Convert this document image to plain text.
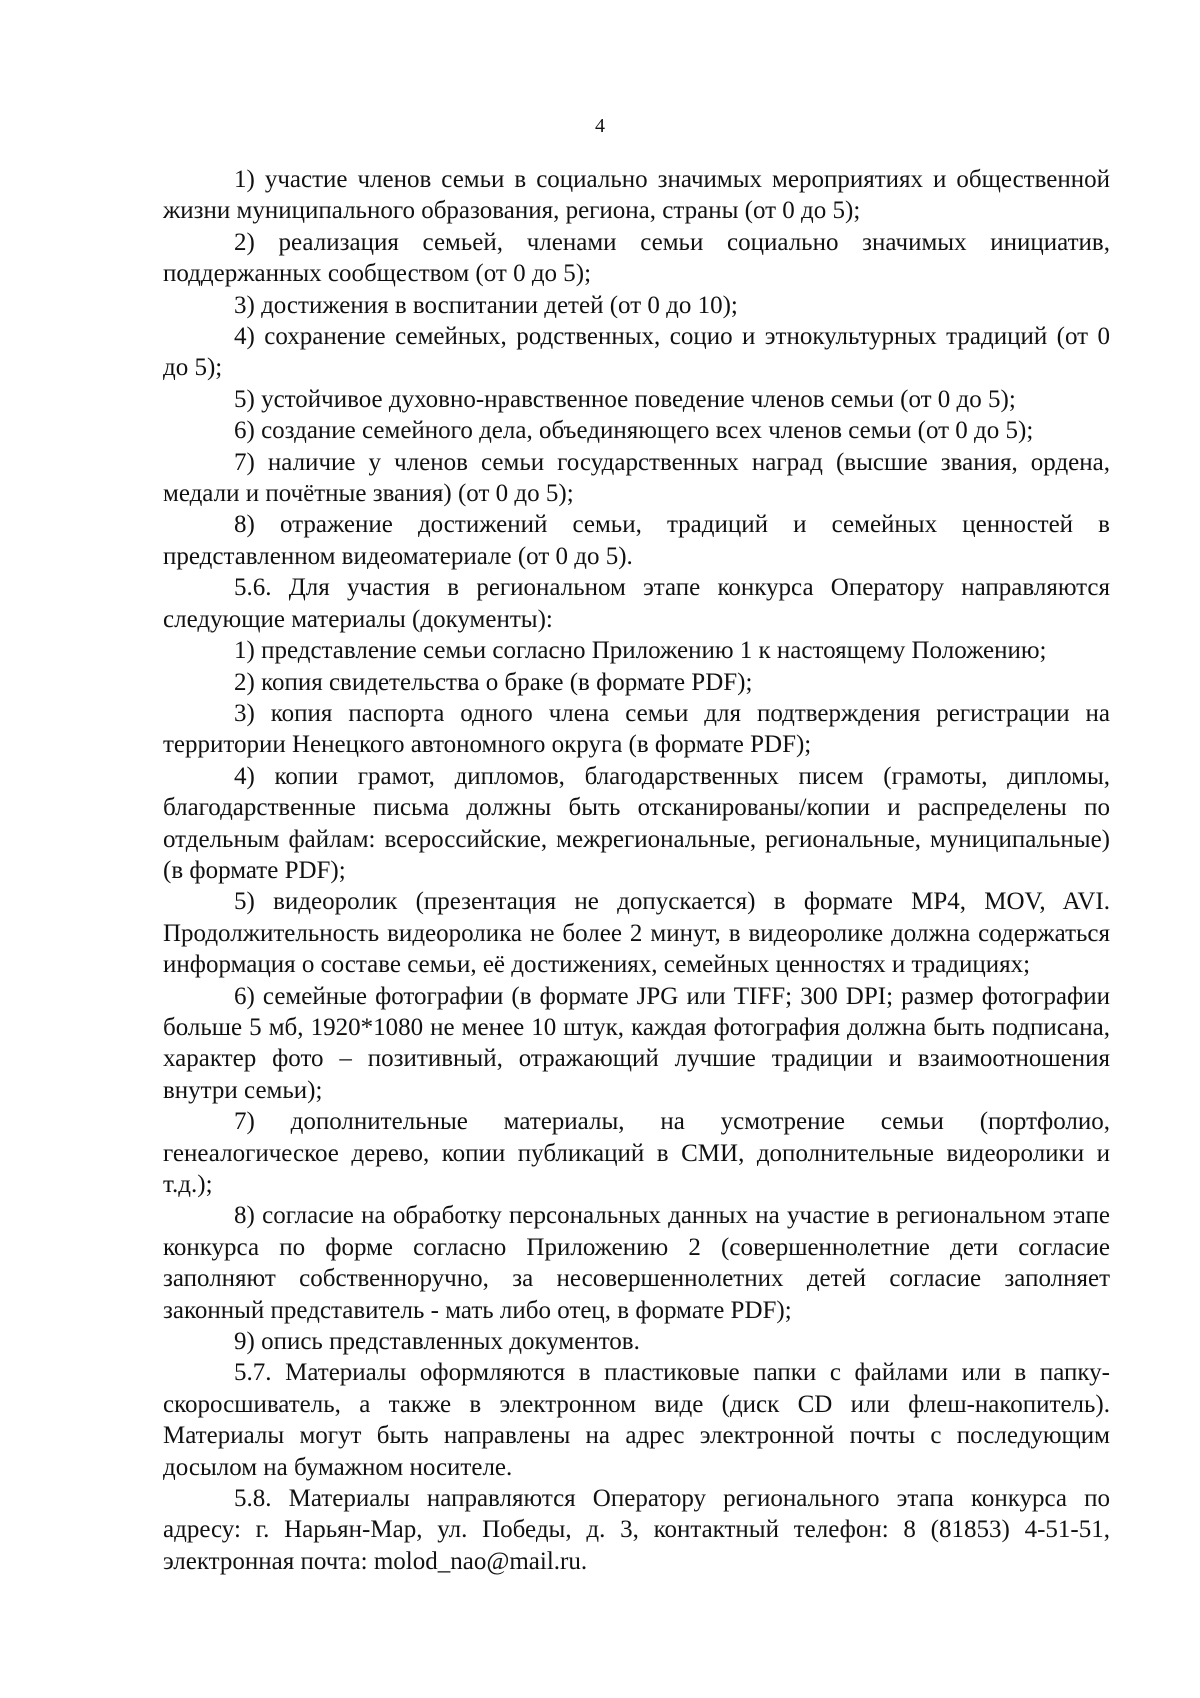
4

1) участие членов семьи в социально значимых мероприятиях и общественной жизни муниципального образования, региона, страны (от 0 до 5);

2) реализация семьей, членами семьи социально значимых инициатив, поддержанных сообществом (от 0 до 5);

3) достижения в воспитании детей (от 0 до 10);

4) сохранение семейных, родственных, социо и этнокультурных традиций (от 0 до 5);

5) устойчивое духовно-нравственное поведение членов семьи (от 0 до 5);

6) создание семейного дела, объединяющего всех членов семьи (от 0 до 5);

7) наличие у членов семьи государственных наград (высшие звания, ордена, медали и почётные звания) (от 0 до 5);

8) отражение достижений семьи, традиций и семейных ценностей в представленном видеоматериале (от 0 до 5).

5.6. Для участия в региональном этапе конкурса Оператору направляются следующие материалы (документы):

1) представление семьи согласно Приложению 1 к настоящему Положению;

2) копия свидетельства о браке (в формате PDF);

3) копия паспорта одного члена семьи для подтверждения регистрации на территории Ненецкого автономного округа (в формате PDF);

4) копии грамот, дипломов, благодарственных писем (грамоты, дипломы, благодарственные письма должны быть отсканированы/копии и распределены по отдельным файлам: всероссийские, межрегиональные, региональные, муниципальные) (в формате PDF);

5) видеоролик (презентация не допускается) в формате MP4, MOV, AVI. Продолжительность видеоролика не более 2 минут, в видеоролике должна содержаться информация о составе семьи, её достижениях, семейных ценностях и традициях;

6) семейные фотографии (в формате JPG или TIFF; 300 DPI; размер фотографии больше 5 мб, 1920*1080 не менее 10 штук, каждая фотография должна быть подписана, характер фото – позитивный, отражающий лучшие традиции и взаимоотношения внутри семьи);

7) дополнительные материалы, на усмотрение семьи (портфолио, генеалогическое дерево, копии публикаций в СМИ, дополнительные видеоролики и т.д.);

8) согласие на обработку персональных данных на участие в региональном этапе конкурса по форме согласно Приложению 2 (совершеннолетние дети согласие заполняют собственноручно, за несовершеннолетних детей согласие заполняет законный представитель - мать либо отец, в формате PDF);

9) опись представленных документов.

5.7. Материалы оформляются в пластиковые папки с файлами или в папку-скоросшиватель, а также в электронном виде (диск CD или флеш-накопитель). Материалы могут быть направлены на адрес электронной почты с последующим досылом на бумажном носителе.

5.8. Материалы направляются Оператору регионального этапа конкурса по адресу: г. Нарьян-Мар, ул. Победы, д. 3, контактный телефон: 8 (81853) 4-51-51, электронная почта: molod_nao@mail.ru.
